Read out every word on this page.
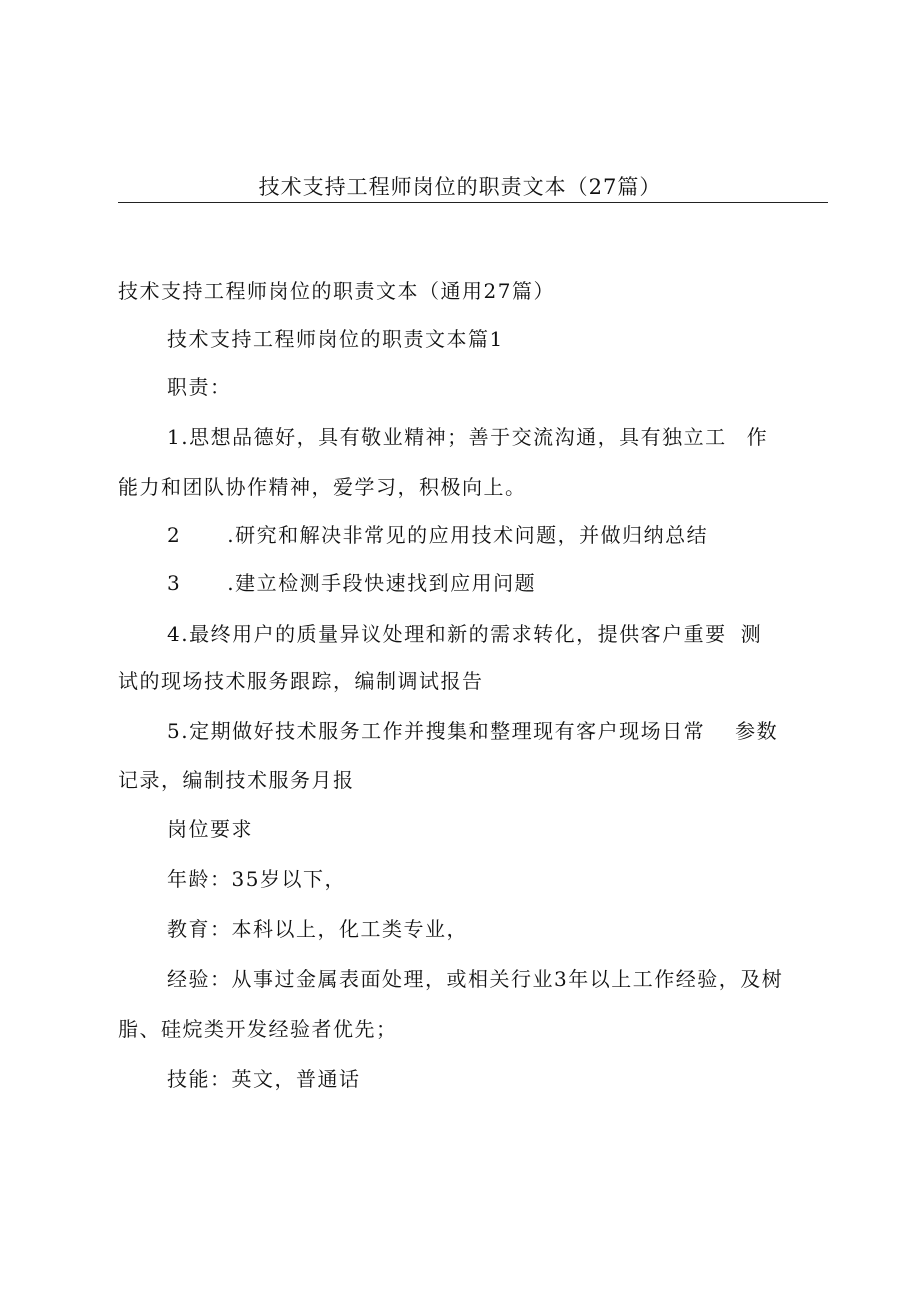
技术支持工程师岗位的职责文本（27篇）
技术支持工程师岗位的职责文本（通用27篇）
技术支持工程师岗位的职责文本篇1
职责：
1.思想品德好，具有敬业精神；善于交流沟通，具有独立工 作
能力和团队协作精神，爱学习，积极向上。
2 .研究和解决非常见的应用技术问题，并做归纳总结
3 .建立检测手段快速找到应用问题
4.最终用户的质量异议处理和新的需求转化，提供客户重要 测
试的现场技术服务跟踪，编制调试报告
5.定期做好技术服务工作并搜集和整理现有客户现场日常 参数
记录，编制技术服务月报
岗位要求
年龄：35岁以下，
教育：本科以上，化工类专业，
经验：从事过金属表面处理，或相关行业3年以上工作经验，及树
脂、硅烷类开发经验者优先；
技能：英文，普通话
